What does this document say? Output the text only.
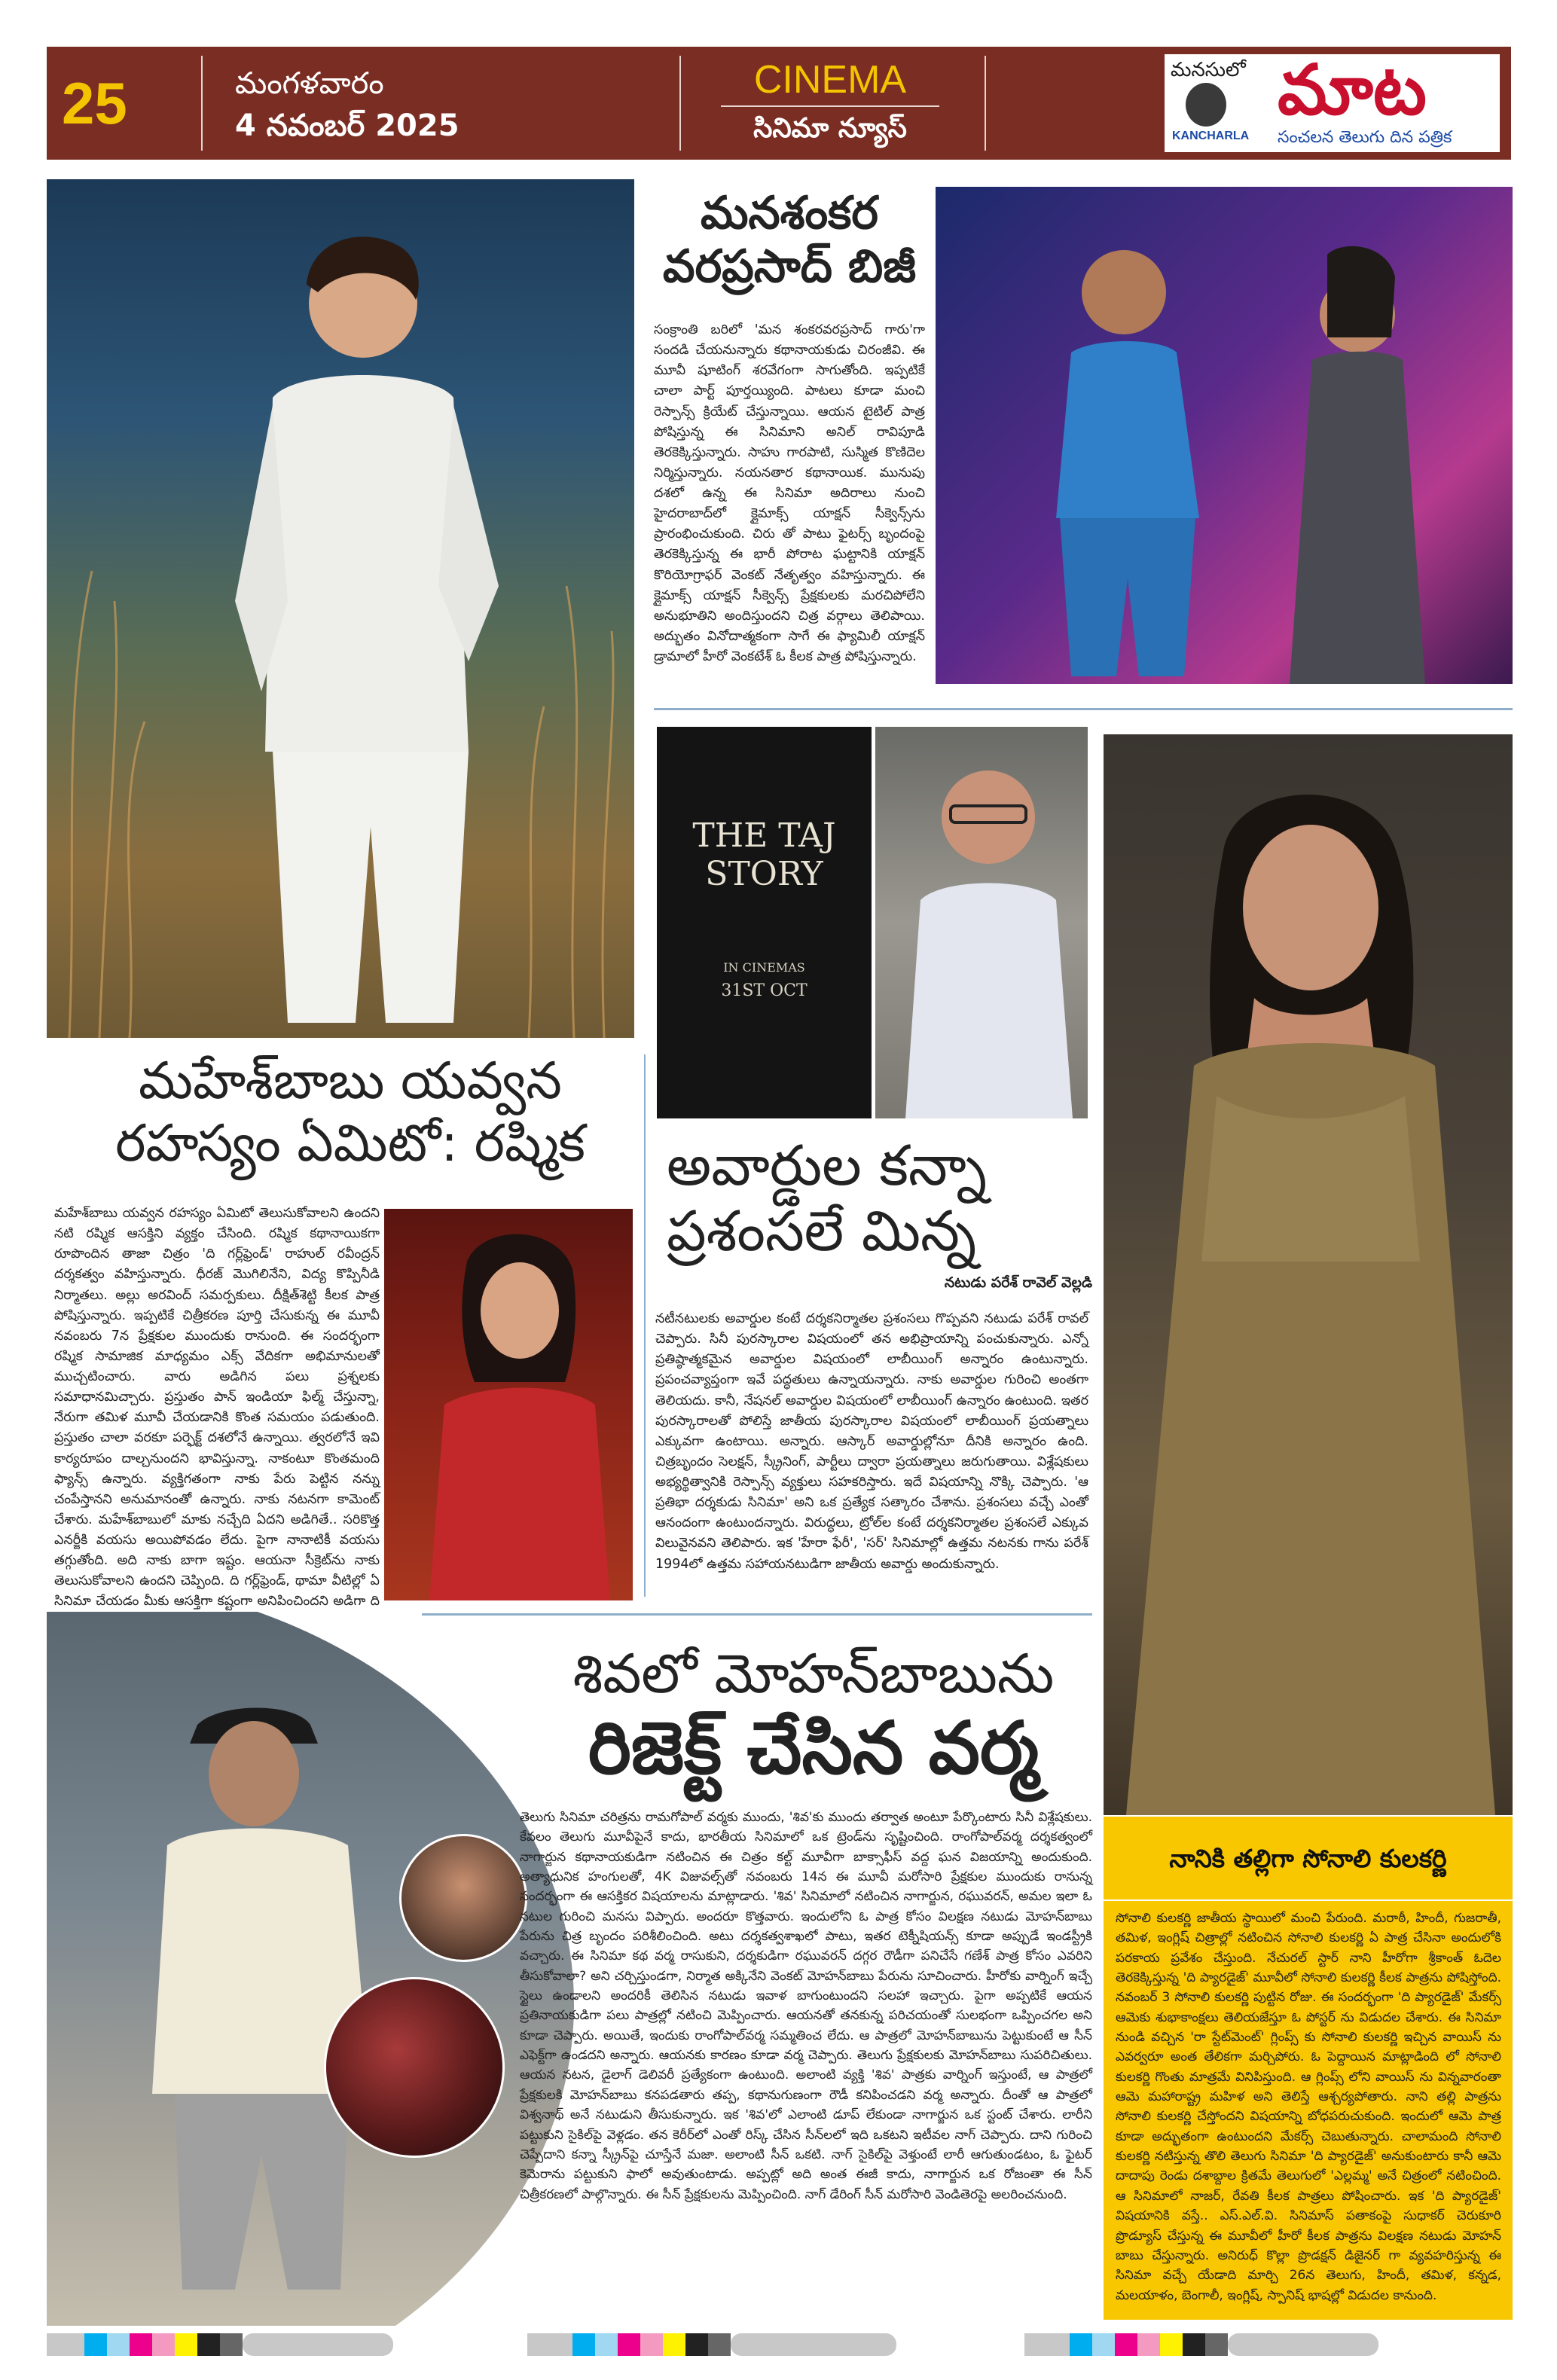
25	మంగళవారం
4 నవంబర్ 2025
CINEMA
సినిమా న్యూస్
మనసులో
KANCHARLA
మాట
సంచలన తెలుగు దిన పత్రిక
మనశంకర
వరప్రసాద్ బిజీ
సంక్రాంతి బరిలో 'మన శంకరవరప్రసాద్ గారు'గా సందడి చేయనున్నారు కథానాయకుడు చిరంజీవి. ఈ మూవీ షూటింగ్ శరవేగంగా సాగుతోంది. ఇప్పటికే చాలా పార్ట్ పూర్తయ్యింది. పాటలు కూడా మంచి రెస్పాన్స్ క్రియేట్ చేస్తున్నాయి. ఆయన టైటిల్ పాత్ర పోషిస్తున్న ఈ సినిమాని అనిల్ రావిపూడి తెరకెక్కిస్తున్నారు. సాహు గారపాటి, సుస్మిత కొణిదెల నిర్మిస్తున్నారు. నయనతార కథానాయిక. మునుపు దశలో ఉన్న ఈ సినిమా అదిరాలు నుంచి హైదరాబాద్‌లో క్లైమాక్స్ యాక్షన్ సీక్వెన్స్‌ను ప్రారంభించుకుంది. చిరు తో పాటు ఫైటర్స్ బృందంపై తెరకెక్కిస్తున్న ఈ భారీ పోరాట ఘట్టానికి యాక్షన్ కొరియోగ్రాఫర్ వెంకట్ నేతృత్వం వహిస్తున్నారు. ఈ క్లైమాక్స్ యాక్షన్ సీక్వెన్స్ ప్రేక్షకులకు మరచిపోలేని అనుభూతిని అందిస్తుందని చిత్ర వర్గాలు తెలిపాయి. అద్భుతం వినోదాత్మకంగా సాగే ఈ ఫ్యామిలీ యాక్షన్ డ్రామాలో హీరో వెంకటేశ్ ఓ కీలక పాత్ర పోషిస్తున్నారు.
THE TAJ STORY
IN CINEMAS
31ST OCT
అవార్డుల కన్నా
ప్రశంసలే మిన్న
నటుడు పరేశ్ రావెల్ వెల్లడి
నటీనటులకు అవార్డుల కంటే దర్శకనిర్మాతల ప్రశంసలు గొప్పవని నటుడు పరేశ్ రావల్ చెప్పారు. సినీ పురస్కారాల విషయంలో తన అభిప్రాయాన్ని పంచుకున్నారు. ఎన్నో ప్రతిష్ఠాత్మకమైన అవార్డుల విషయంలో లాబీయింగ్ అన్నారం ఉంటున్నారు. ప్రపంచవ్యాప్తంగా ఇవే పద్ధతులు ఉన్నాయన్నారు. నాకు అవార్డుల గురించి అంతగా తెలియదు. కానీ, నేషనల్ అవార్డుల విషయంలో లాబీయింగ్ ఉన్నారం ఉంటుంది. ఇతర పురస్కారాలతో పోలిస్తే జాతీయ పురస్కారాల విషయంలో లాబీయింగ్ ప్రయత్నాలు ఎక్కువగా ఉంటాయి. అన్నారు. ఆస్కార్ అవార్డుల్లోనూ దీనికి అన్నారం ఉంది. చిత్రబృందం సెలక్షన్, స్క్రీనింగ్, పార్టీలు ద్వారా ప్రయత్నాలు జరుగుతాయి. విశ్లేషకులు అభ్యర్థిత్వానికి రెస్పాన్స్ వ్యక్తులు సహకరిస్తారు. ఇదే విషయాన్ని నొక్కి చెప్పారు. 'ఆ ప్రతిభా దర్శకుడు సినిమా' అని ఒక ప్రత్యేక సత్కారం చేశాను. ప్రశంసలు వచ్చే ఎంతో ఆనందంగా ఉంటుందన్నారు. విరుద్ధలు, ట్రోల్‌ల కంటే దర్శకనిర్మాతల ప్రశంసలే ఎక్కువ విలువైనవని తెలిపారు. ఇక 'హేరా ఫేరీ', 'సర్' సినిమాల్లో ఉత్తమ నటనకు గాను పరేశ్ 1994లో ఉత్తమ సహాయనటుడిగా జాతీయ అవార్డు అందుకున్నారు.
మహేశ్‌బాబు యవ్వన
రహస్యం ఏమిటో: రష్మిక
మహేశ్‌బాబు యవ్వన రహస్యం ఏమిటో తెలుసుకోవాలని ఉందని నటి రష్మిక ఆసక్తిని వ్యక్తం చేసింది. రష్మిక కథానాయికగా రూపొందిన తాజా చిత్రం 'ది గర్ల్‌ఫ్రెండ్' రాహుల్ రవీంద్రన్ దర్శకత్వం వహిస్తున్నారు. ధీరజ్ మొగిలినేని, విద్య కొప్పినీడి నిర్మాతలు. అల్లు అరవింద్ సమర్పకులు. దీక్షిత్‌శెట్టి కీలక పాత్ర పోషిస్తున్నారు. ఇప్పటికే చిత్రీకరణ పూర్తి చేసుకున్న ఈ మూవీ నవంబరు 7న ప్రేక్షకుల ముందుకు రానుంది. ఈ సందర్భంగా రష్మిక సామాజిక మాధ్యమం ఎక్స్ వేదికగా అభిమానులతో ముచ్చటించారు. వారు అడిగిన పలు ప్రశ్నలకు సమాధానమిచ్చారు. ప్రస్తుతం పాన్ ఇండియా ఫిల్మ్ చేస్తున్నా, నేరుగా తమిళ మూవీ చేయడానికి కొంత సమయం పడుతుంది. ప్రస్తుతం చాలా వరకూ పర్ఫెక్ట్ దశలోనే ఉన్నాయి. త్వరలోనే ఇవి కార్యరూపం దాల్చనుందని భావిస్తున్నా. నాకంటూ కొంతమంది ఫ్యాన్స్ ఉన్నారు. వ్యక్తిగతంగా నాకు పేరు పెట్టిన నన్ను చంపేస్తానని అనుమానంతో ఉన్నారు. నాకు నటనగా కామెంట్ చేశారు. మహేశ్‌బాబులో మాకు నచ్చేది ఏదని అడిగితే.. సరికొత్త ఎనర్జీకి వయసు అయిపోవడం లేదు. పైగా నానాటికీ వయసు తగ్గుతోంది. అది నాకు బాగా ఇష్టం. ఆయనా సీక్రెట్‌ను నాకు తెలుసుకోవాలని ఉందని చెప్పింది. ది గర్ల్‌ఫ్రెండ్, థామా వీటిల్లో ఏ సినిమా చేయడం మీకు ఆసక్తిగా కష్టంగా అనిపించిందని అడిగా ది
శివలో మోహన్‌బాబును
రిజెక్ట్ చేసిన వర్మ
తెలుగు సినిమా చరిత్రను రామగోపాల్ వర్మకు ముందు, 'శివ'కు ముందు తర్వాత అంటూ పేర్కొంటారు సినీ విశ్లేషకులు. కేవలం తెలుగు మూవీపైనే కాదు, భారతీయ సినిమాలో ఒక ట్రెండ్‌ను సృష్టించింది. రాంగోపాల్‌వర్మ దర్శకత్వంలో నాగార్జున కథానాయకుడిగా నటించిన ఈ చిత్రం కల్ట్ మూవీగా బాక్సాఫీస్ వద్ద ఘన విజయాన్ని అందుకుంది. అత్యాధునిక హంగులతో, 4K విజువల్స్‌తో నవంబరు 14న ఈ మూవీ మరోసారి ప్రేక్షకుల ముందుకు రానున్న సందర్భంగా ఈ ఆసక్తికర విషయాలను మాట్లాడారు. 'శివ' సినిమాలో నటించిన నాగార్జున, రఘువరన్, అమల ఇలా ఓ నటుల గురించి మనసు విప్పారు. అందరూ కొత్తవారు. ఇందులోని ఓ పాత్ర కోసం విలక్షణ నటుడు మోహన్‌బాబు పేరును చిత్ర బృందం పరిశీలించింది. అటు దర్శకత్వశాఖలో పాటు, ఇతర టెక్నీషియన్స్ కూడా అప్పుడే ఇండస్ట్రీకి వచ్చారు. ఈ సినిమా కథ వర్మ రాసుకుని, దర్శకుడిగా రఘువరన్ దగ్గర రౌడీగా పనిచేసే గణేశ్ పాత్ర కోసం ఎవరిని తీసుకోవాలా? అని చర్చిస్తుండగా, నిర్మాత అక్కినేని వెంకట్ మోహన్‌బాబు పేరును సూచించారు. హీరోకు వార్నింగ్ ఇచ్చే స్టైలు ఉండాలని అందరికీ తెలిసిన నటుడు ఇవాళ బాగుంటుందని సలహా ఇచ్చారు. పైగా అప్పటికే ఆయన ప్రతినాయకుడిగా పలు పాత్రల్లో నటించి మెప్పించారు. ఆయనతో తనకున్న పరిచయంతో సులభంగా ఒప్పించగల అని కూడా చెప్పారు. అయితే, ఇందుకు రాంగోపాల్‌వర్మ సమ్మతించ లేదు. ఆ పాత్రలో మోహన్‌బాబును పెట్టుకుంటే ఆ సీన్ ఎఫెక్ట్‌గా ఉండదని అన్నారు. ఆయనకు కారణం కూడా వర్మ చెప్పారు. తెలుగు ప్రేక్షకులకు మోహన్‌బాబు సుపరిచితులు. ఆయన నటన, డైలాగ్ డెలివరీ ప్రత్యేకంగా ఉంటుంది. అలాంటి వ్యక్తి 'శివ' పాత్రకు వార్నింగ్ ఇస్తుంటే, ఆ పాత్రలో ప్రేక్షకులకి మోహన్‌బాబు కనపడతారు తప్ప, కథానుగుణంగా రౌడీ కనిపించడని వర్మ అన్నారు. దీంతో ఆ పాత్రలో విశ్వనాథ్ అనే నటుడుని తీసుకున్నారు. ఇక 'శివ'లో ఎలాంటి డూప్ లేకుండా నాగార్జున ఒక స్టంట్ చేశారు. లారీని పట్టుకుని సైకిల్‌పై వెళ్లడం. తన కెరీర్‌లో ఎంతో రిస్క్ చేసిన సీన్‌లలో ఇది ఒకటని ఇటీవల నాగ్ చెప్పారు. దాని గురించి చెప్పేదాని కన్నా స్క్రీన్‌పై చూస్తేనే మజా. అలాంటి సీన్ ఒకటి. నాగ్ సైకిల్‌పై వెళ్తుంటే లారీ ఆగుతుండటం, ఓ ఫైటర్ కెమెరాను పట్టుకుని ఫాలో అవుతుంటాడు. అప్పట్లో అది అంత ఈజీ కాదు, నాగార్జున ఒక రోజంతా ఈ సీన్ చిత్రీకరణలో పాల్గొన్నారు. ఈ సీన్ ప్రేక్షకులను మెప్పించింది. నాగ్ డేరింగ్ సీన్ మరోసారి వెండితెరపై అలరించనుంది.
నానికి తల్లిగా సోనాలి కులకర్ణి
సోనాలి కులకర్ణి జాతీయ స్థాయిలో మంచి పేరుంది. మరాఠీ, హిందీ, గుజరాతీ, తమిళ, ఇంగ్లిష్ చిత్రాల్లో నటించిన సోనాలి కులకర్ణి ఏ పాత్ర చేసినా అందులోకి పరకాయ ప్రవేశం చేస్తుంది. నేచురల్ స్టార్ నాని హీరోగా శ్రీకాంత్ ఓదెల తెరకెక్కిస్తున్న 'ది ప్యారడైజ్' మూవీలో సోనాలి కులకర్ణి కీలక పాత్రను పోషిస్తోంది. నవంబర్ 3 సోనాలి కులకర్ణి పుట్టిన రోజు. ఈ సందర్భంగా 'ది ప్యారడైజ్' మేకర్స్ ఆమెకు శుభాకాంక్షలు తెలియజేస్తూ ఓ పోస్టర్ ను విడుదల చేశారు. ఈ సినిమా నుండి వచ్చిన 'రా స్టేట్‌మెంట్' గ్లింప్స్ కు సోనాలి కులకర్ణి ఇచ్చిన వాయిస్ ను ఎవర్వరూ అంత తేలికగా మర్చిపోరు. ఓ పెద్దాయిన మాట్లాడింది లో సోనాలి కులకర్ణి గొంతు మాత్రమే వినిపిస్తుంది. ఆ గ్లింప్స్ లోని వాయిస్ ను విన్నవారంతా ఆమె మహారాష్ట్ర మహిళ అని తెలిస్తే ఆశ్చర్యపోతారు. నాని తల్లి పాత్రను సోనాలి కులకర్ణి చేస్తోందని విషయాన్ని బోధపరుచుకుంది. ఇందులో ఆమె పాత్ర కూడా అద్భుతంగా ఉంటుందని మేకర్స్ చెబుతున్నారు. చాలామంది సోనాలి కులకర్ణి నటిస్తున్న తొలి తెలుగు సినిమా 'ది ప్యారడైజ్' అనుకుంటారు కానీ ఆమె దాదాపు రెండు దశాబ్దాల క్రితమే తెలుగులో 'ఎల్లమ్మ' అనే చిత్రంలో నటించింది. ఆ సినిమాలో నాజర్, రేవతి కీలక పాత్రలు పోషించారు. ఇక 'ది ప్యారడైజ్' విషయానికి వస్తే.. ఎస్.ఎల్.వి. సినిమాస్ పతాకంపై సుధాకర్ చెరుకూరి ప్రొడ్యూస్ చేస్తున్న ఈ మూవీలో హీరో కీలక పాత్రను విలక్షణ నటుడు మోహన్ బాబు చేస్తున్నారు. అనిరుధ్ కొల్లా ప్రొడక్షన్ డిజైనర్ గా వ్యవహరిస్తున్న ఈ సినిమా వచ్చే యేడాది మార్చి 26న తెలుగు, హిందీ, తమిళ, కన్నడ, మలయాళం, బెంగాలీ, ఇంగ్లిష్, స్పానిష్ భాషల్లో విడుదల కానుంది.
